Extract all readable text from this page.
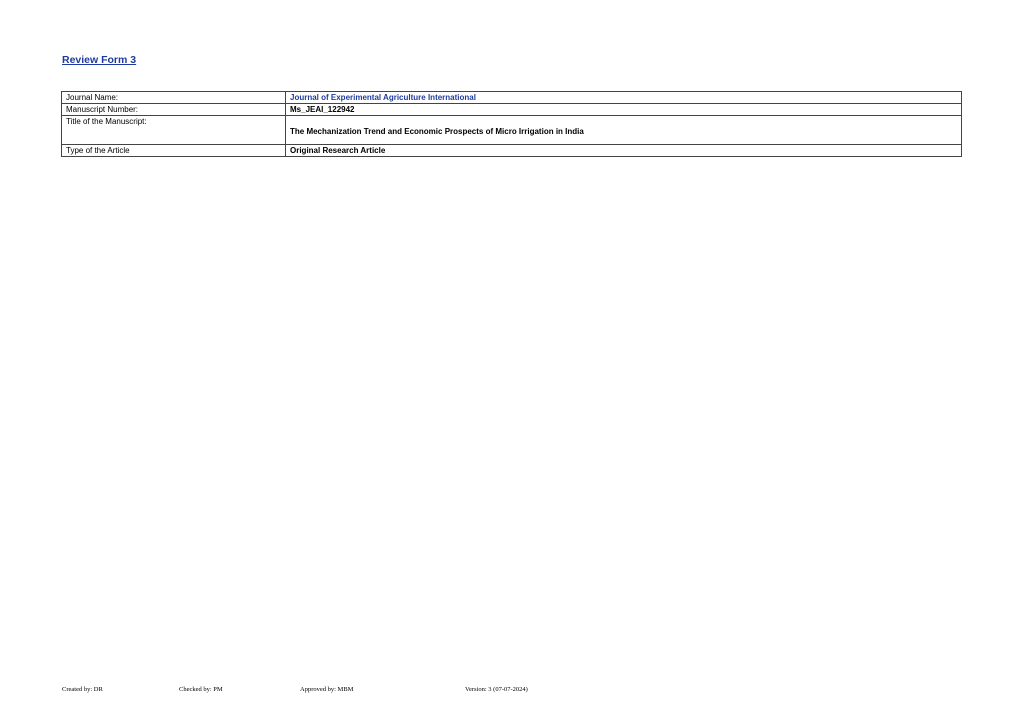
Review Form 3
Journal Name:	Journal of Experimental Agriculture International
Manuscript Number:	Ms_JEAI_122942
Title of the Manuscript:	The Mechanization Trend and Economic Prospects of Micro Irrigation in India
Type of the Article	Original Research Article
Created by: DR	Checked by: PM	Approved by: MBM	Version: 3 (07-07-2024)
